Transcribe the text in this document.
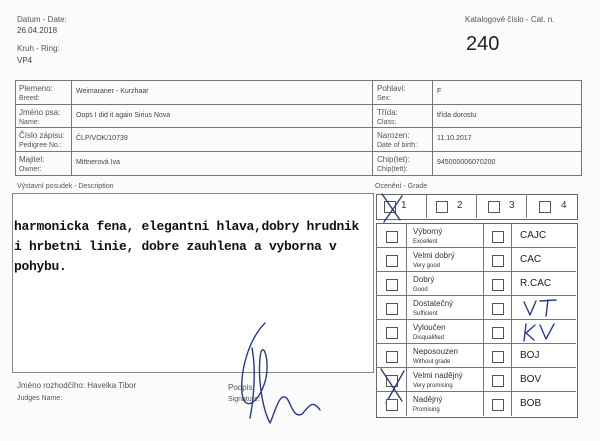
Datum - Date:
26.04.2018
Kruh - Ring:
VP4
Katalogové číslo - Cat. n.
240
Plemeno:
Breed:
Weimaraner - Kurzhaar	Pohlaví:
Sex:
F
Jméno psa:
Name:
Oops I did it again Sirius Nova	Třída:
Class:
třída dorostu
Číslo zápisu:
Pedigree No.:
ČLP/VOK/10739	Narozen:
Date of birth:
11.10.2017
Majitel:
Owner:
Mittnerová Iva	Chip(tet):
Chip(tett):
945000006070200
Výstavní posudek - Description
harmonicka fena, elegantni hlava,dobry hrudnik
i hrbetni linie, dobre zauhlena a vyborna v
pohybu.
Jméno rozhodčího: Havelka Tibor
Judges Name:
Podpis:
Signature:
Ocenění - Grade
1	2	3	4
Výborný
Excellent
CAJC
Velmi dobrý
Very good
CAC
Dobrý
Good
R.CAC
Dostatečný
Sufficient
Vyloučen
Disqualified
Neposouzen
Without grade
BOJ
Velmi nadějný
Very promising
BOV
Nadějný
Promising
BOB
